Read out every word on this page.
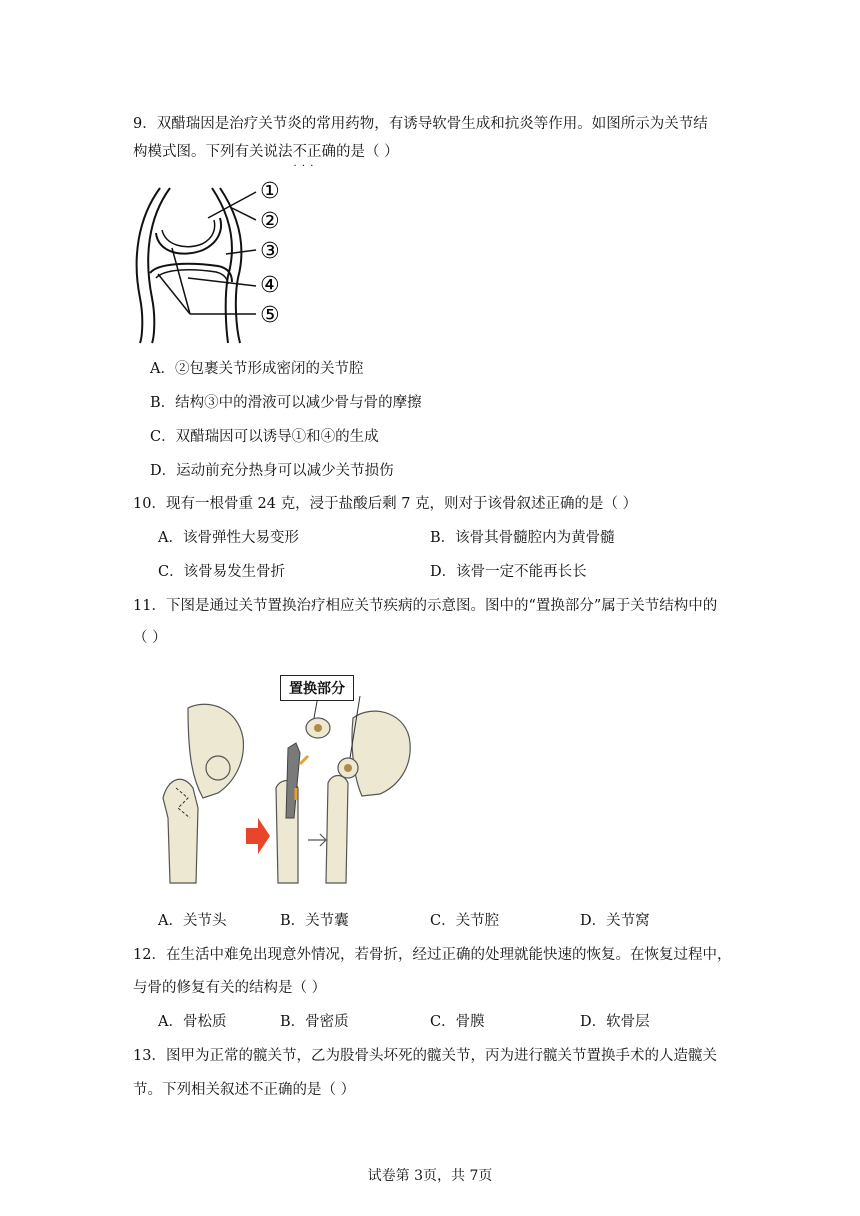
9．双醋瑞因是治疗关节炎的常用药物，有诱导软骨生成和抗炎等作用。如图所示为关节结
构模式图。下列有关说法不正确 · · ·的是（ ）
①
②
③
④
⑤
A．②包裹关节形成密闭的关节腔
B．结构③中的滑液可以减少骨与骨的摩擦
C．双醋瑞因可以诱导①和④的生成
D．运动前充分热身可以减少关节损伤
10．现有一根骨重 24 克，浸于盐酸后剩 7 克，则对于该骨叙述正确的是（ ）
A．该骨弹性大易变形	B．该骨其骨髓腔内为黄骨髓
C．该骨易发生骨折	D．该骨一定不能再长长
11．下图是通过关节置换治疗相应关节疾病的示意图。图中的“置换部分”属于关节结构中的
（ ）
置换部分
A．关节头	B．关节囊	C．关节腔	D．关节窝
12．在生活中难免出现意外情况，若骨折，经过正确的处理就能快速的恢复。在恢复过程中，
与骨的修复有关的结构是（ ）
A．骨松质	B．骨密质	C．骨膜	D．软骨层
13．图甲为正常的髋关节，乙为股骨头坏死的髋关节，丙为进行髋关节置换手术的人造髋关
节。下列相关叙述不正确的是（ ）
试卷第 3页，共 7页
